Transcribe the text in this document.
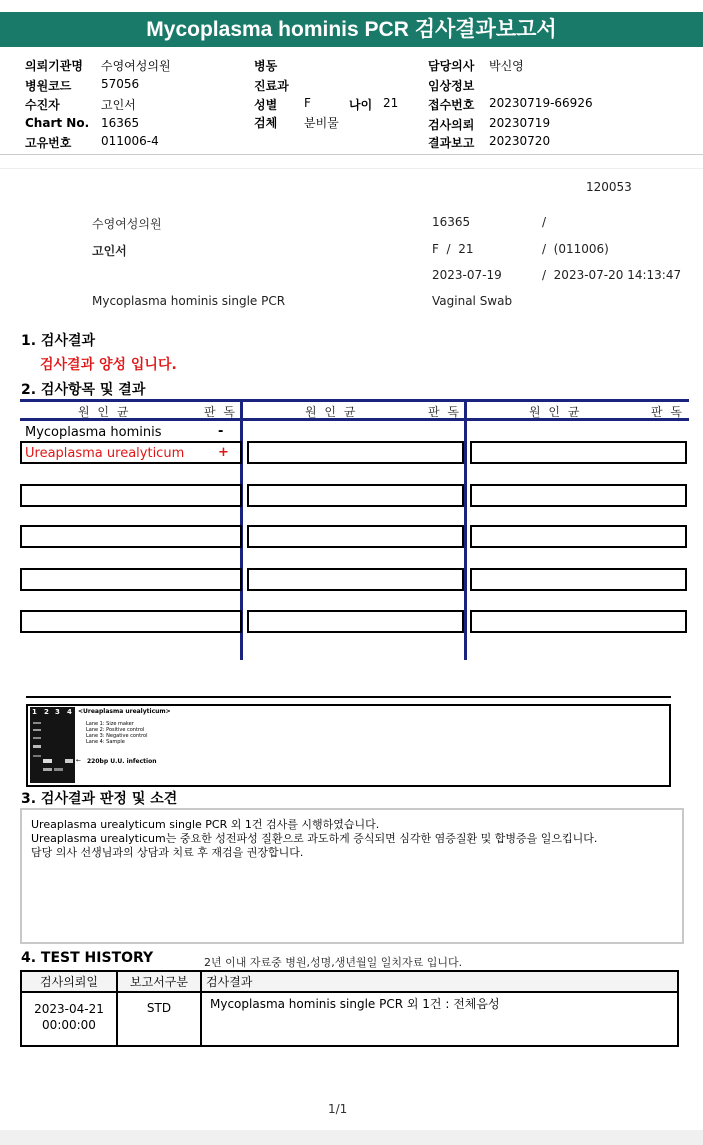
Mycoplasma hominis PCR 검사결과보고서
의뢰기관명 수영여성의원
병원코드 57056
수진자	고인서
Chart No. 16365
고유번호 011006-4
병동
진료과
성별 F	나이 21
검체 분비물
담당의사 박신영
임상정보
접수번호 20230719-66926
검사의뢰 20230719
결과보고 20230720
120053
수영여성의원	16365	/
고인서	F  /  21	/  (011006)
2023-07-19	/  2023-07-20 14:13:47
Mycoplasma hominis single PCR	Vaginal Swab
1. 검사결과
검사결과 양성 입니다.
2. 검사항목 및 결과
원 인 균	판 독	원 인 균	판 독	원 인 균	판 독
Mycoplasma hominis	-
Ureaplasma urealyticum	+
1 2 3 4 <Ureaplasma urealyticum>
Lane 1: Size maker
Lane 2: Positive control
Lane 3: Negative control
Lane 4: Sample
← 220bp U.U. infection
3. 검사결과 판정 및 소견
Ureaplasma urealyticum single PCR 외 1건 검사를 시행하였습니다.
Ureaplasma urealyticum는 중요한 성전파성 질환으로 과도하게 증식되면 심각한 염증질환 및 합병증을 일으킵니다.
담당 의사 선생님과의 상담과 치료 후 재검을 권장합니다.
4. TEST HISTORY	2년 이내 자료중 병원,성명,생년월일 일치자료 입니다.
검사의뢰일	보고서구분	검사결과

2023-04-21
00:00:00	STD	Mycoplasma hominis single PCR 외 1건 : 전체음성
1/1
